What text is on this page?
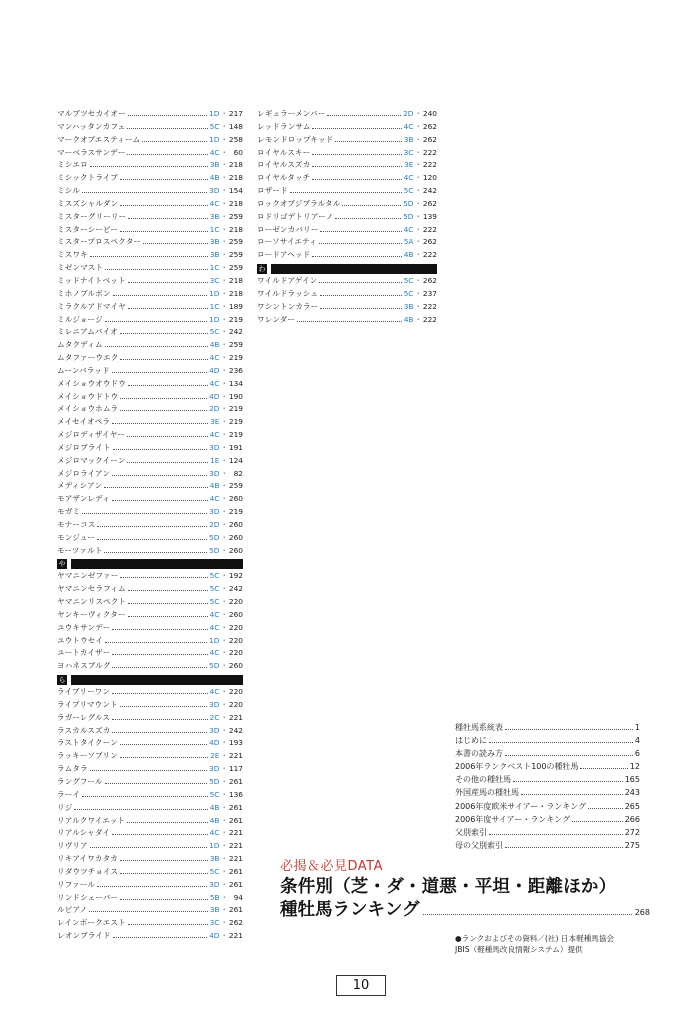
マルブツセカイオー	1D ・ 217
マンハッタンカフェ	5C ・ 148
マークオブエスティーム	1D ・ 258
マーベラスサンデー	4C ・ 60
ミシエロ	3B ・ 218
ミシックトライブ	4B ・ 218
ミシル	3D ・ 154
ミスズシャルダン	4C ・ 218
ミスターグリーリー	3B ・ 259
ミスターシービー	1C ・ 218
ミスタープロスペクター	3B ・ 259
ミスワキ	3B ・ 259
ミゼンマスト	1C ・ 259
ミッドナイトベット	3C ・ 218
ミホノブルボン	1D ・ 218
ミラクルアドマイヤ	1C ・ 189
ミルジョージ	1D ・ 219
ミレニアムバイオ	5C ・ 242
ムタクディム	4B ・ 259
ムタファーウエク	4C ・ 219
ムーンバラッド	4D ・ 236
メイショウオウドウ	4C ・ 134
メイショウドトウ	4D ・ 190
メイショウホムラ	2D ・ 219
メイセイオペラ	3E ・ 219
メジロディザイヤー	4C ・ 219
メジロブライト	3D ・ 191
メジロマックイーン	1E ・ 124
メジロライアン	3D ・ 82
メディシアン	4B ・ 259
モアザンレディ	4C ・ 260
モガミ	3D ・ 219
モナーコス	2D ・ 260
モンジュー	5D ・ 260
モーツァルト	5D ・ 260
や
ヤマニンゼファー	5C ・ 192
ヤマニンセラフィム	5C ・ 242
ヤマニンリスペクト	5C ・ 220
ヤンキーヴィクター	4C ・ 260
ユウキサンデー	4C ・ 220
ユウトウセイ	1D ・ 220
ユートカイザー	4C ・ 220
ヨハネスブルグ	5D ・ 260
ら
ライブリーワン	4C ・ 220
ライブリマウント	3D ・ 220
ラガーレグルス	2C ・ 221
ラスカルスズカ	3D ・ 242
ラストタイクーン	4D ・ 193
ラッキーソブリン	2E ・ 221
ラムタラ	3D ・ 117
ラングフール	5D ・ 261
ラーイ	5C ・ 136
リジ	4B ・ 261
リアルクワイエット	4B ・ 261
リアルシャダイ	4C ・ 221
リヴリア	1D ・ 221
リキアイワカタカ	3B ・ 221
リダウツチョイス	5C ・ 261
リファール	3D ・ 261
リンドシェーバー	5B ・ 94
ルビアノ	3B ・ 261
レインボークエスト	3C ・ 262
レオンブライド	4D ・ 221
レギュラーメンバー	2D ・ 240
レッドランサム	4C ・ 262
レモンドロップキッド	3B ・ 262
ロイヤルスキー	3C ・ 222
ロイヤルスズカ	3E ・ 222
ロイヤルタッチ	4C ・ 120
ロザード	5C ・ 242
ロックオブジブラルタル	5D ・ 262
ロドリゴデトリアーノ	5D ・ 139
ローゼンカバリー	4C ・ 222
ローソサイエティ	5A ・ 262
ロードアヘッド	4B ・ 222
わ
ワイルドアゲイン	5C ・ 262
ワイルドラッシュ	5C ・ 237
ワシントンカラー	3B ・ 222
ワレンダー	4B ・ 222
種牡馬系統表	1
はじめに	4
本書の読み方	6
2006年ランクベスト100の種牡馬	12
その他の種牡馬	165
外国産馬の種牡馬	243
2006年度欧米サイアー・ランキング	265
2006年度サイアー・ランキング	266
父別索引	272
母の父別索引	275
必揭＆必見DATA
条件別（芝・ダ・道悪・平坦・距離ほか）
種牡馬ランキング	268
●ランクおよびその資料／(社) 日本軽種馬協会
JBIS（軽種馬改良情報システム）提供
10
